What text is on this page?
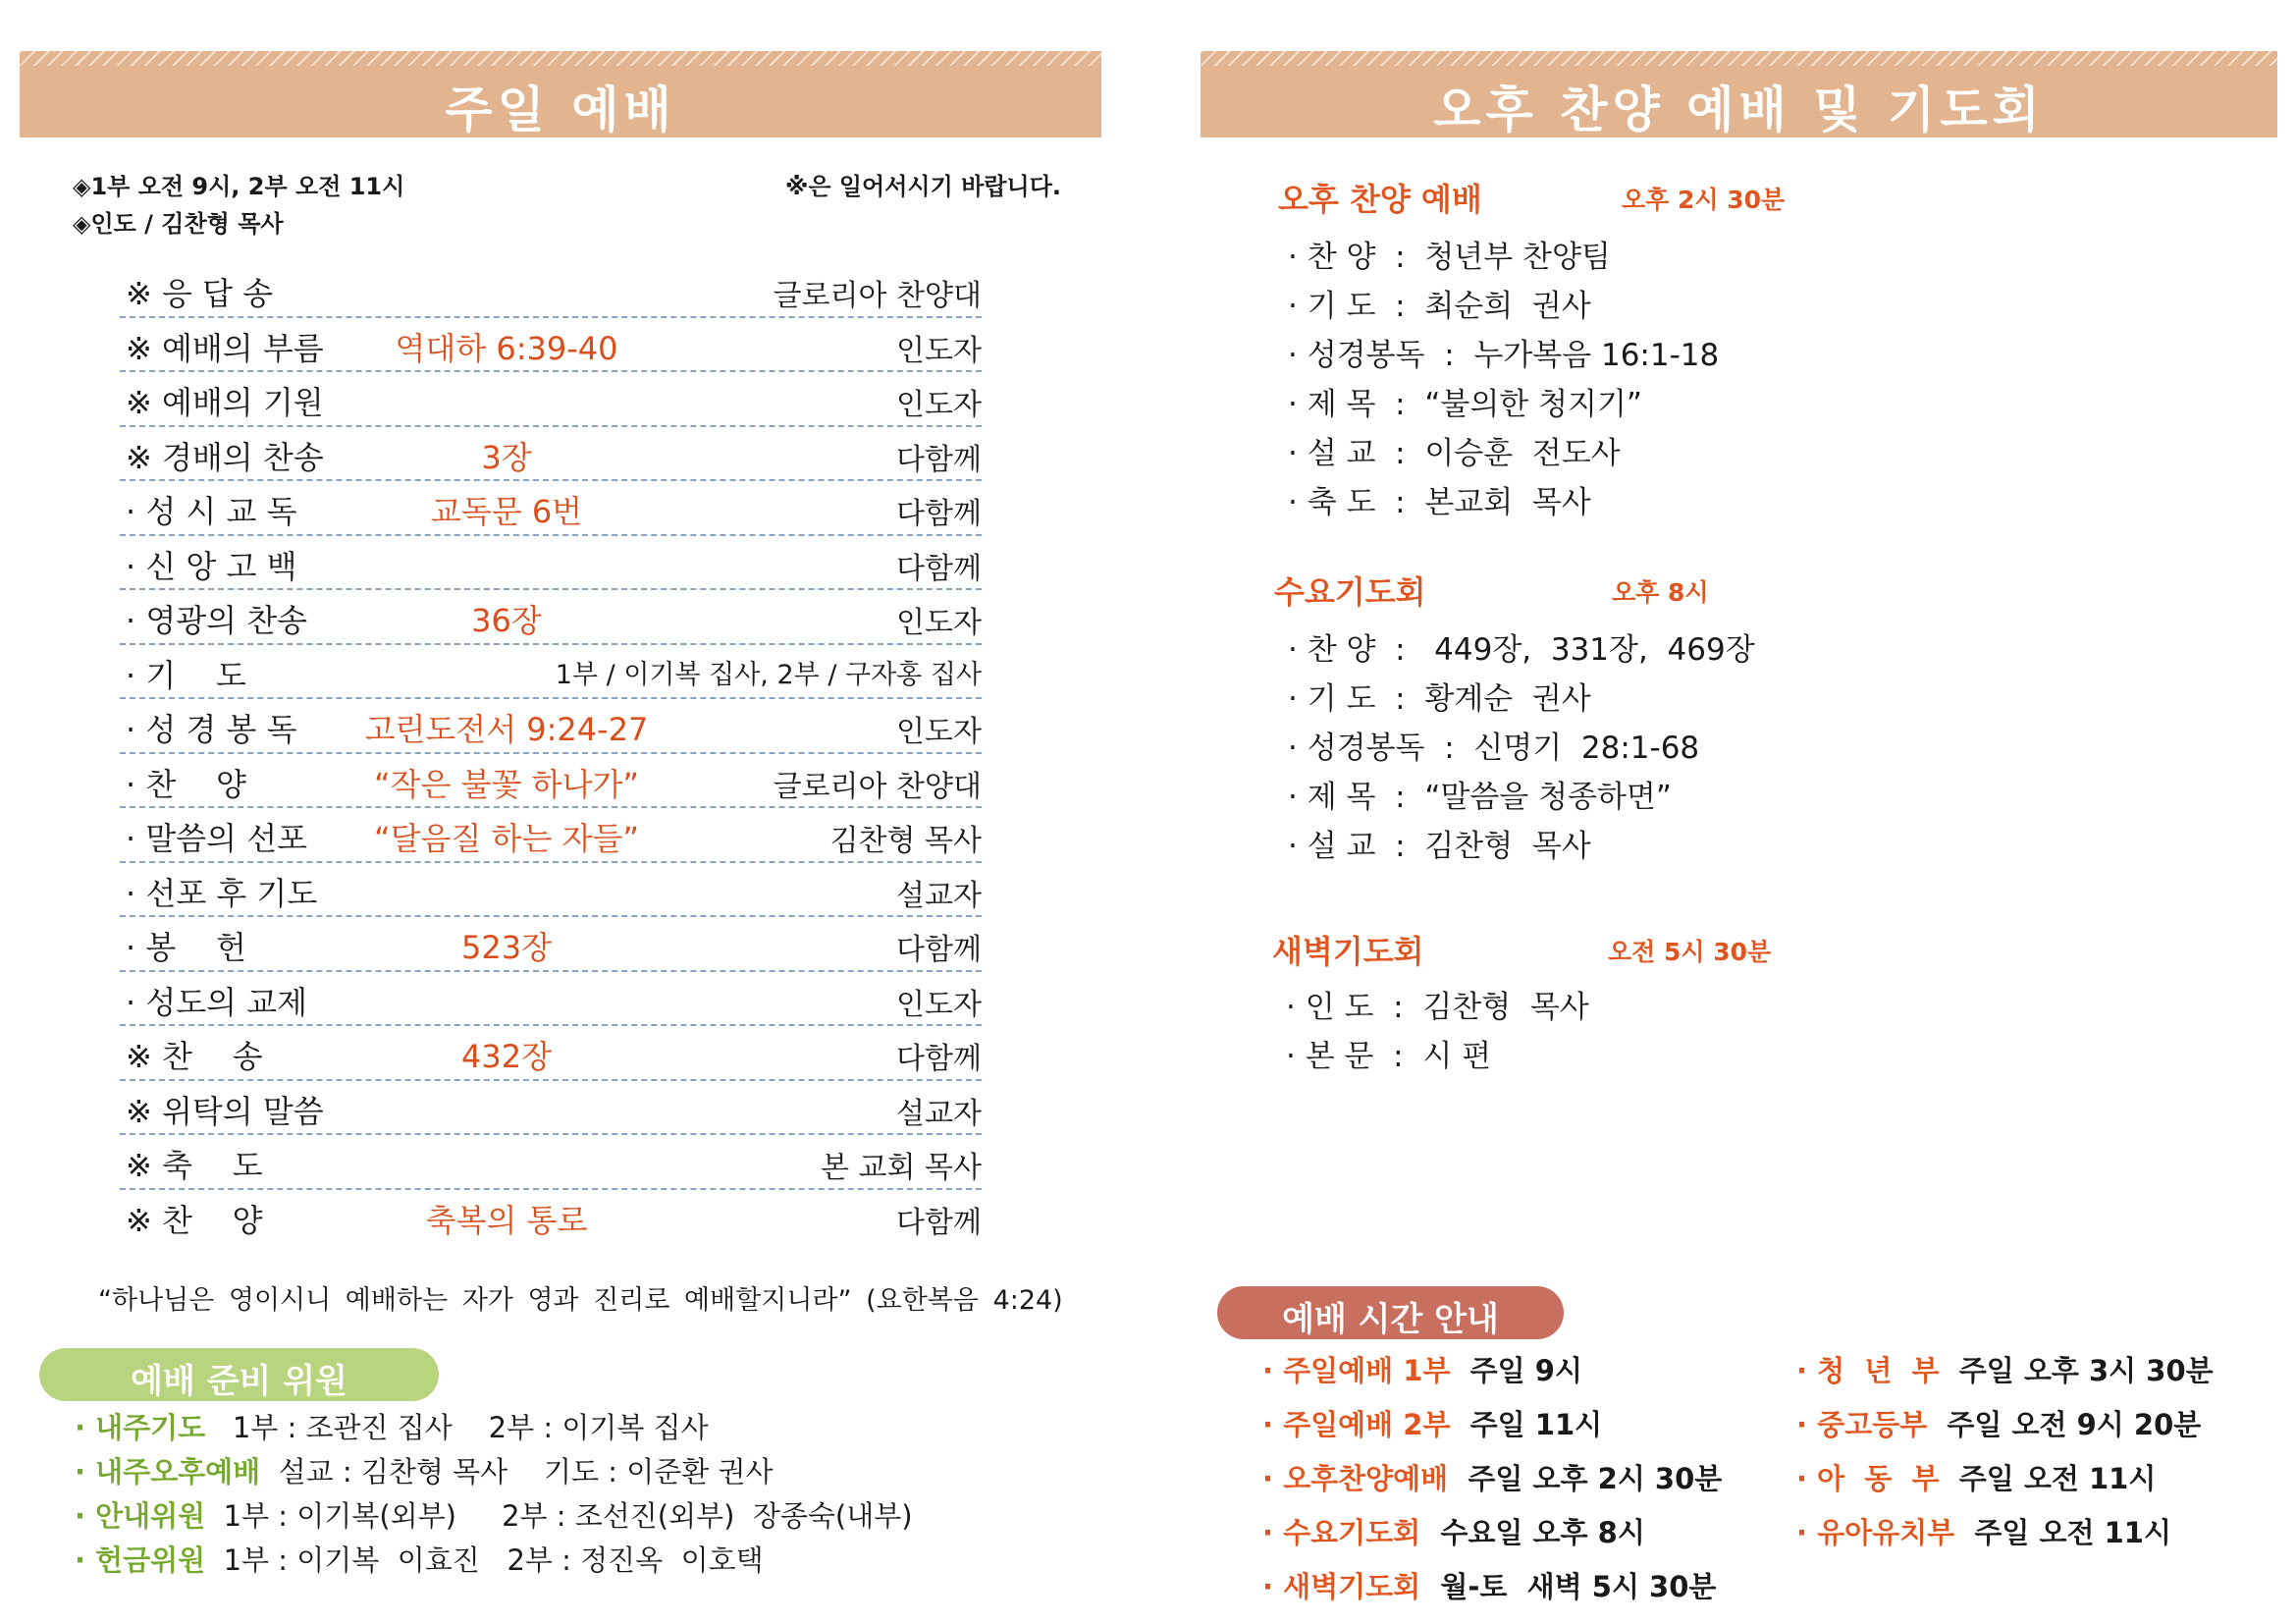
주일 예배
◈1부 오전 9시, 2부 오전 11시
◈인도 / 김찬형 목사
※은 일어서시기 바랍니다.
※ 응 답 송	글로리아 찬양대
※ 예배의 부름	역대하 6:39-40	인도자
※ 예배의 기원	인도자
※ 경배의 찬송	3장	다함께
· 성 시 교 독	교독문 6번	다함께
· 신 앙 고 백	다함께
· 영광의 찬송	36장	인도자
· 기    도	1부 / 이기복 집사, 2부 / 구자홍 집사
· 성 경 봉 독	고린도전서 9:24-27	인도자
· 찬    양	“작은 불꽃 하나가”	글로리아 찬양대
· 말씀의 선포	“달음질 하는 자들”	김찬형 목사
· 선포 후 기도	설교자
· 봉    헌	523장	다함께
· 성도의 교제	인도자
※ 찬    송	432장	다함께
※ 위탁의 말씀	설교자
※ 축    도	본 교회 목사
※ 찬    양	축복의 통로	다함께
“하나님은 영이시니 예배하는 자가 영과 진리로 예배할지니라” (요한복음 4:24)
예배 준비 위원
· 내주기도   1부 : 조관진 집사    2부 : 이기복 집사
· 내주오후예배  설교 : 김찬형 목사    기도 : 이준환 권사
· 안내위원  1부 : 이기복(외부)     2부 : 조선진(외부)  장종숙(내부)
· 헌금위원  1부 : 이기복  이효진   2부 : 정진옥  이호택
오후 찬양 예배 및 기도회
오후 찬양 예배	오후 2시 30분
· 찬 양  :  청년부 찬양팀
· 기 도  :  최순희  권사
· 성경봉독  :  누가복음 16:1-18
· 제 목  :  “불의한 청지기”
· 설 교  :  이승훈  전도사
· 축 도  :  본교회  목사
수요기도회	오후 8시
· 찬 양  :   449장,  331장,  469장
· 기 도  :  황계순  권사
· 성경봉독  :  신명기  28:1-68
· 제 목  :  “말씀을 청종하면”
· 설 교  :  김찬형  목사
새벽기도회	오전 5시 30분
· 인 도  :  김찬형  목사
· 본 문  :  시 편
예배 시간 안내
· 주일예배 1부  주일 9시
· 주일예배 2부  주일 11시
· 오후찬양예배  주일 오후 2시 30분
· 수요기도회  수요일 오후 8시
· 새벽기도회  월-토  새벽 5시 30분
· 청  년  부  주일 오후 3시 30분
· 중고등부  주일 오전 9시 20분
· 아  동  부  주일 오전 11시
· 유아유치부  주일 오전 11시
